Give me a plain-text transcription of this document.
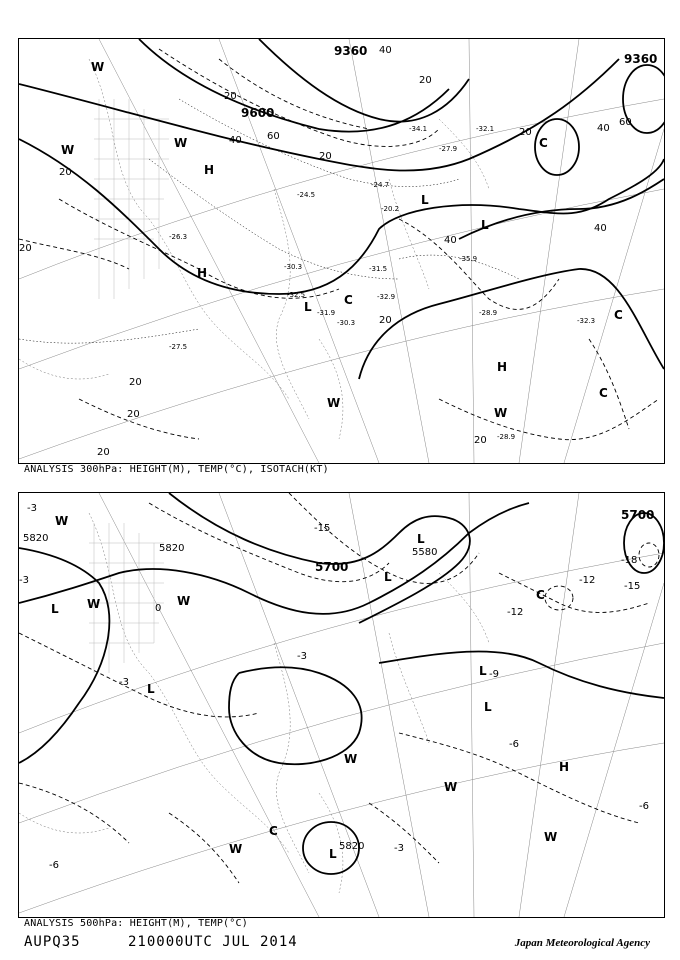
9600
9360
9360
20
40	60
40
20
20
20
20
40
60
40
20
40
20
20
20
20
20
-27.9
-24.5
-30.3
-32.5
-31.9
-30.3
-32.9
-28.9
-32.3
-27.5
-28.9
-35.9
-31.5
-32.1
-20.2
-24.7
-34.1
-26.3
H
H
L
L
L	C
C
H
C
C
W
W	W
W
W
ANALYSIS 300hPa: HEIGHT(M), TEMP(°C), ISOTACH(KT)
5820
5820
5700
5580
5700
5820
-3
-15
-12
-18
-15
0
-3
-3
-9
-6
-3	-12
-6
-3
-6
L W
W
W
L
L
L
C
L
L
H
W
W
W
W	L
C
ANALYSIS 500hPa: HEIGHT(M), TEMP(°C)
AUPQ35	210000UTC JUL 2014	Japan Meteorological Agency
